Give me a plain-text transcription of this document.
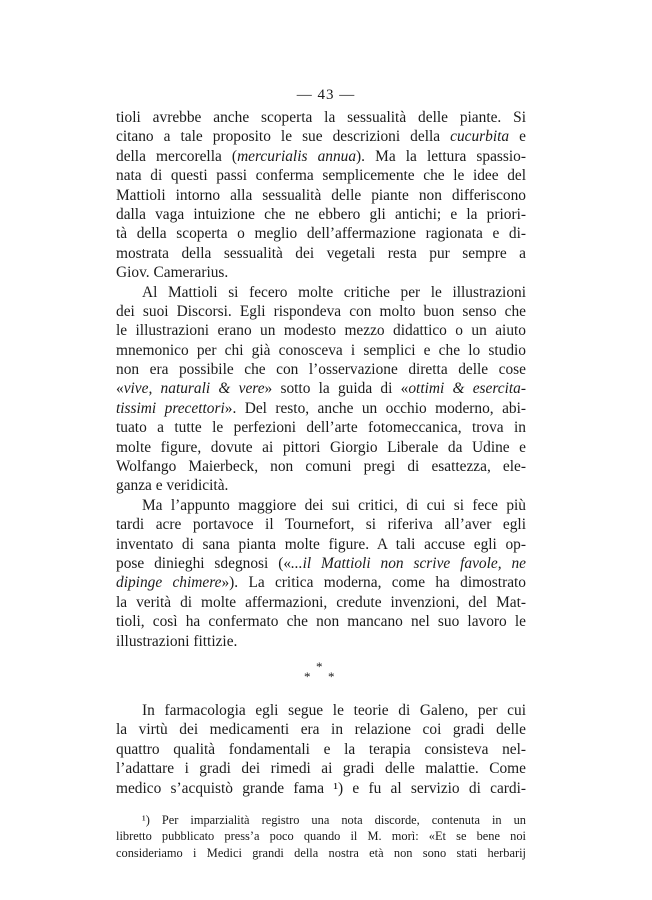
— 43 —
tioli avrebbe anche scoperta la sessualità delle piante. Si
citano a tale proposito le sue descrizioni della cucurbita e
della mercorella (mercurialis annua). Ma la lettura spassio-
nata di questi passi conferma semplicemente che le idee del
Mattioli intorno alla sessualità delle piante non differiscono
dalla vaga intuizione che ne ebbero gli antichi; e la priori-
tà della scoperta o meglio dell’affermazione ragionata e di-
mostrata della sessualità dei vegetali resta pur sempre a
Giov. Camerarius.
Al Mattioli si fecero molte critiche per le illustrazioni
dei suoi Discorsi. Egli rispondeva con molto buon senso che
le illustrazioni erano un modesto mezzo didattico o un aiuto
mnemonico per chi già conosceva i semplici e che lo studio
non era possibile che con l’osservazione diretta delle cose
«vive, naturali & vere» sotto la guida di «ottimi & esercita-
tissimi precettori». Del resto, anche un occhio moderno, abi-
tuato a tutte le perfezioni dell’arte fotomeccanica, trova in
molte figure, dovute ai pittori Giorgio Liberale da Udine e
Wolfango Maierbeck, non comuni pregi di esattezza, ele-
ganza e veridicità.
Ma l’appunto maggiore dei sui critici, di cui si fece più
tardi acre portavoce il Tournefort, si riferiva all’aver egli
inventato di sana pianta molte figure. A tali accuse egli op-
pose dinieghi sdegnosi («...il Mattioli non scrive favole, ne
dipinge chimere»). La critica moderna, come ha dimostrato
la verità di molte affermazioni, credute invenzioni, del Mat-
tioli, così ha confermato che non mancano nel suo lavoro le
illustrazioni fittizie.
*
* *
In farmacologia egli segue le teorie di Galeno, per cui
la virtù dei medicamenti era in relazione coi gradi delle
quattro qualità fondamentali e la terapia consisteva nel-
l’adattare i gradi dei rimedi ai gradi delle malattie. Come
medico s’acquistò grande fama ¹) e fu al servizio di cardi-
¹) Per imparzialità registro una nota discorde, contenuta in un
libretto pubblicato press’a poco quando il M. morì: «Et se bene noi
consideriamo i Medici grandi della nostra età non sono stati herbarij
